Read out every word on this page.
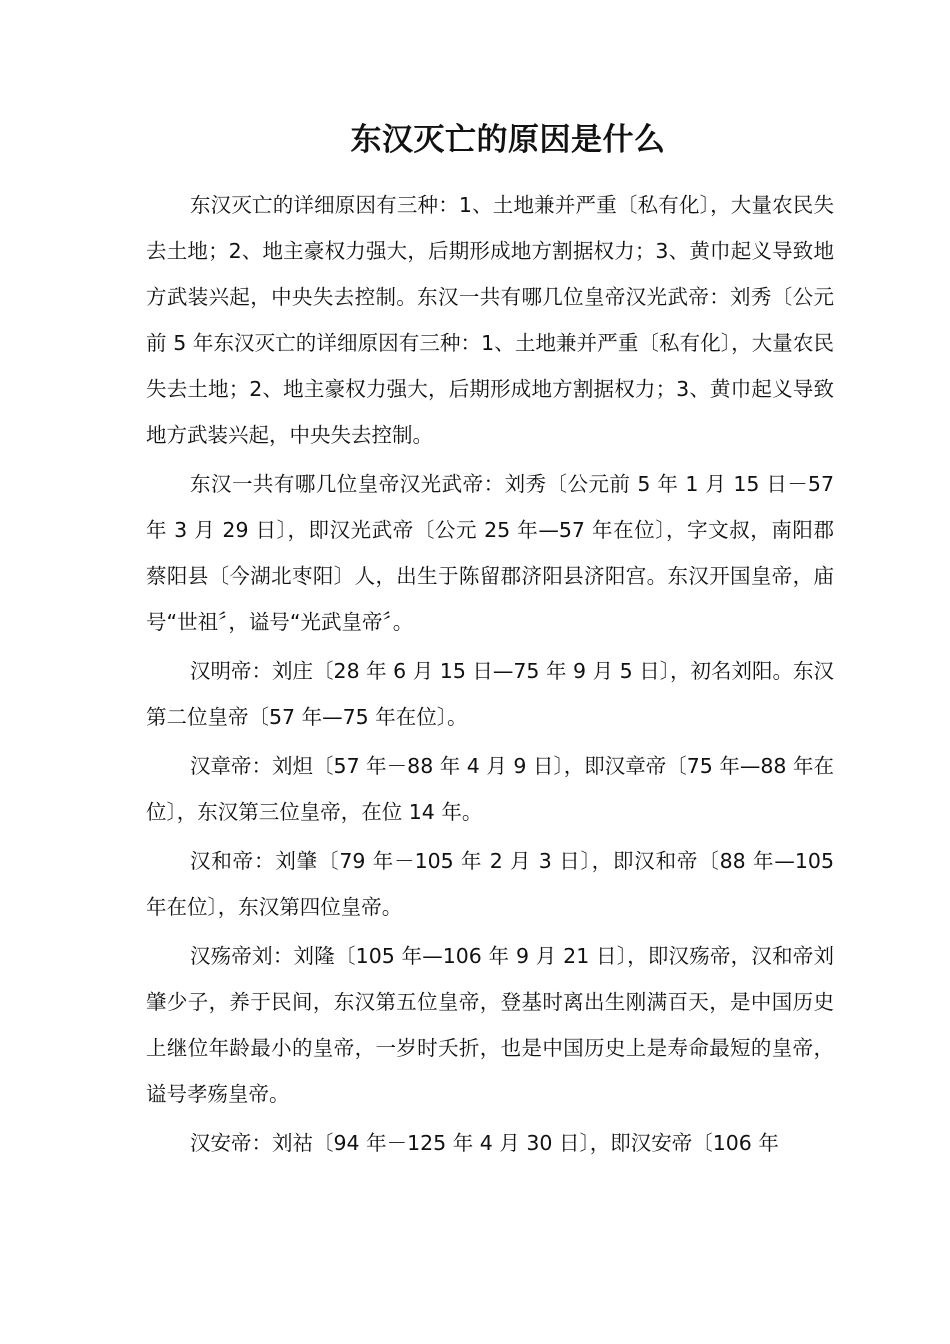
东汉灭亡的原因是什么

东汉灭亡的详细原因有三种：1、土地兼并严重〔私有化〕，大量农民失去土地；2、地主豪权力强大，后期形成地方割据权力；3、黄巾起义导致地方武装兴起，中央失去控制。东汉一共有哪几位皇帝汉光武帝：刘秀〔公元前 5 年东汉灭亡的详细原因有三种：1、土地兼并严重〔私有化〕，大量农民失去土地；2、地主豪权力强大，后期形成地方割据权力；3、黄巾起义导致地方武装兴起，中央失去控制。

东汉一共有哪几位皇帝汉光武帝：刘秀〔公元前 5 年 1 月 15 日－57 年 3 月 29 日〕，即汉光武帝〔公元 25 年—57 年在位〕，字文叔，南阳郡蔡阳县〔今湖北枣阳〕人，出生于陈留郡济阳县济阳宫。东汉开国皇帝，庙号“世祖〞，谥号“光武皇帝〞。

汉明帝：刘庄〔28 年 6 月 15 日—75 年 9 月 5 日〕，初名刘阳。东汉第二位皇帝〔57 年—75 年在位〕。

汉章帝：刘炟〔57 年－88 年 4 月 9 日〕，即汉章帝〔75 年—88 年在位〕，东汉第三位皇帝，在位 14 年。

汉和帝：刘肇〔79 年－105 年 2 月 3 日〕，即汉和帝〔88 年—105 年在位〕，东汉第四位皇帝。

汉殇帝刘：刘隆〔105 年—106 年 9 月 21 日〕，即汉殇帝，汉和帝刘肇少子，养于民间，东汉第五位皇帝，登基时离出生刚满百天，是中国历史上继位年龄最小的皇帝，一岁时夭折，也是中国历史上是寿命最短的皇帝，谥号孝殇皇帝。

汉安帝：刘祜〔94 年－125 年 4 月 30 日〕，即汉安帝〔106 年
